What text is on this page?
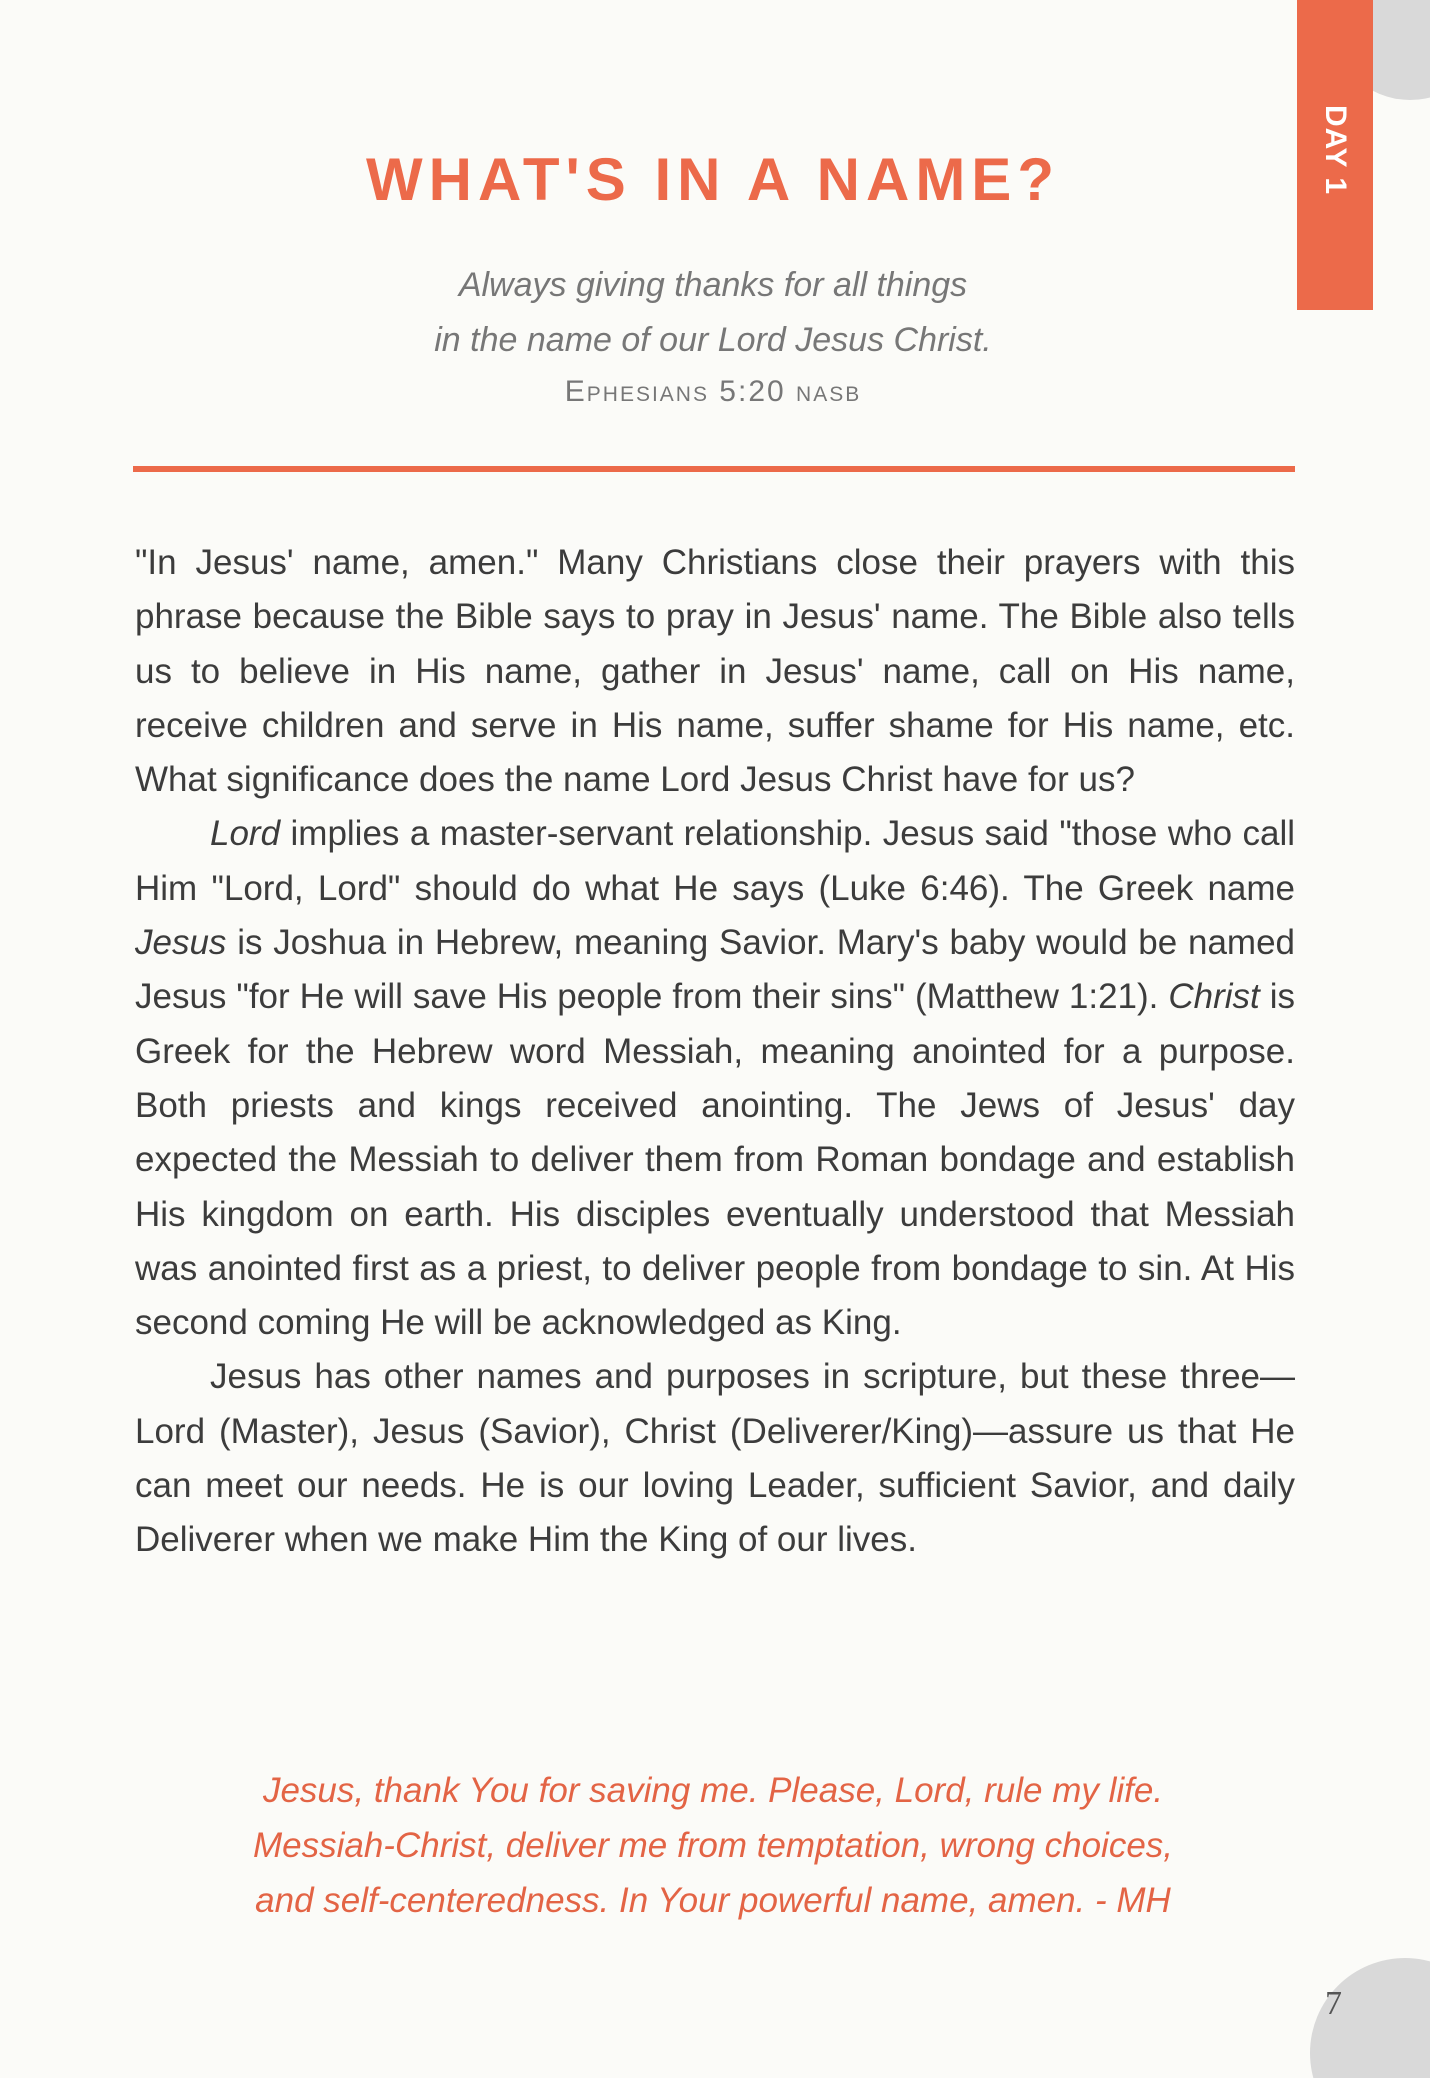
DAY 1
WHAT'S IN A NAME?
Always giving thanks for all things
in the name of our Lord Jesus Christ.
Ephesians 5:20 nasb

"In Jesus' name, amen." Many Christians close their prayers with this phrase because the Bible says to pray in Jesus' name. The Bible also tells us to believe in His name, gather in Jesus' name, call on His name, receive children and serve in His name, suffer shame for His name, etc. What significance does the name Lord Jesus Christ have for us?

Lord implies a master-servant relationship. Jesus said "those who call Him "Lord, Lord" should do what He says (Luke 6:46). The Greek name Jesus is Joshua in Hebrew, meaning Savior. Mary's baby would be named Jesus "for He will save His people from their sins" (Matthew 1:21). Christ is Greek for the Hebrew word Messiah, meaning anointed for a purpose. Both priests and kings received anointing. The Jews of Jesus' day expected the Messiah to deliver them from Roman bondage and establish His kingdom on earth. His disciples eventually understood that Messiah was anointed first as a priest, to deliver people from bondage to sin. At His second coming He will be acknowledged as King.

Jesus has other names and purposes in scripture, but these three—Lord (Master), Jesus (Savior), Christ (Deliverer/King)—assure us that He can meet our needs. He is our loving Leader, sufficient Savior, and daily Deliverer when we make Him the King of our lives.

Jesus, thank You for saving me. Please, Lord, rule my life.
Messiah-Christ, deliver me from temptation, wrong choices,
and self-centeredness. In Your powerful name, amen. - MH
7
